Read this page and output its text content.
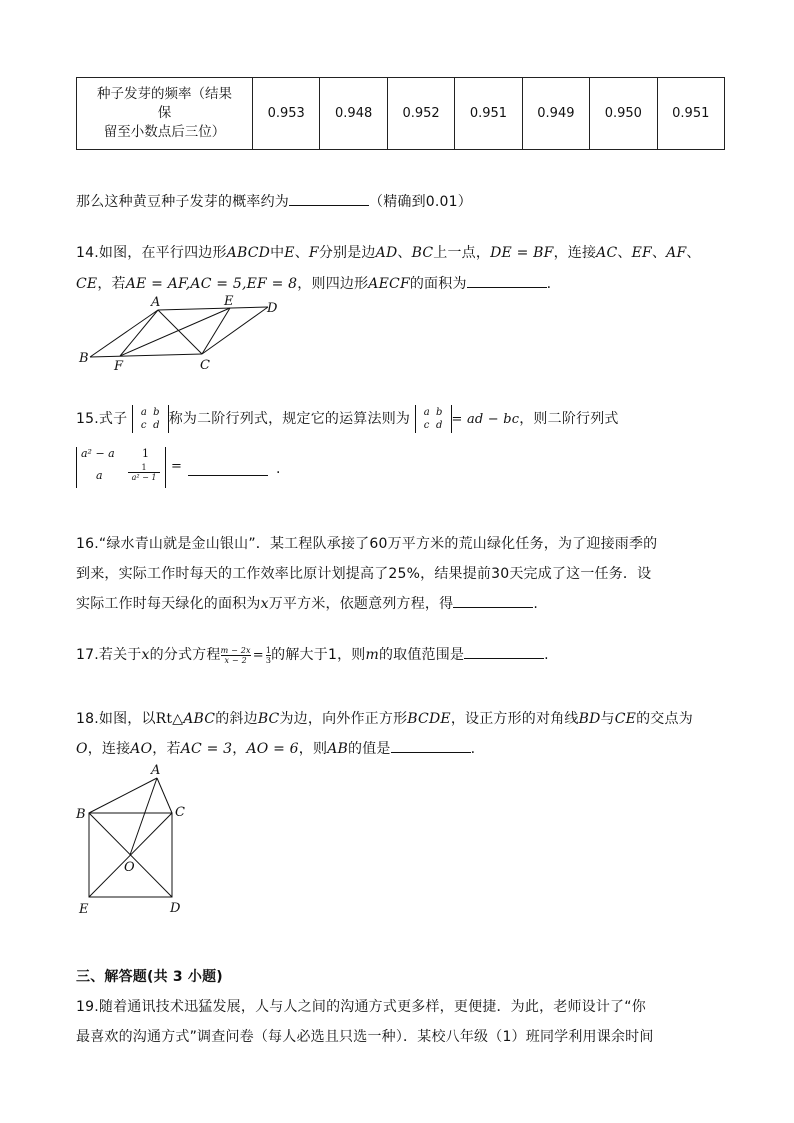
种子发芽的频率（结果
保
留至小数点后三位）
	0.953	0.948	0.952	0.951	0.949	0.950	0.951
那么这种黄豆种子发芽的概率约为	（精确到0.01）
14.如图，在平行四边形ABCD中E、F分别是边AD、BC上一点，DE = BF，连接AC、EF、AF、
CE，若AE = AF,AC = 5,EF = 8，则四边形AECF的面积为	.
A	E	D
B
F	C
15.式子 a	b
c	d 称为二阶行列式，规定它的运算法则为 a	b
c	d = ad − bc，则二阶行列式
a² − a 1
a	$\frac{1}{\text{a² − 1}}$ =	.
16.“绿水青山就是金山银山”．某工程队承接了60万平方米的荒山绿化任务，为了迎接雨季的
到来，实际工作时每天的工作效率比原计划提高了25%，结果提前30天完成了这一任务．设
实际工作时每天绿化的面积为x万平方米，依题意列方程，得	.
17.若关于x的分式方程 $\frac{m - 2x}{x - 2} = \frac{1}{3}$ 的解大于1，则m的取值范围是	.
18.如图，以Rt△ABC的斜边BC为边，向外作正方形BCDE，设正方形的对角线BD与CE的交点为
O，连接AO，若AC = 3，AO = 6，则AB的值是	.
A
B	C
O
E	D
三、解答题(共 3 小题)
19.随着通讯技术迅猛发展，人与人之间的沟通方式更多样，更便捷．为此，老师设计了“你
最喜欢的沟通方式”调查问卷（每人必选且只选一种）．某校八年级（1）班同学利用课余时间
